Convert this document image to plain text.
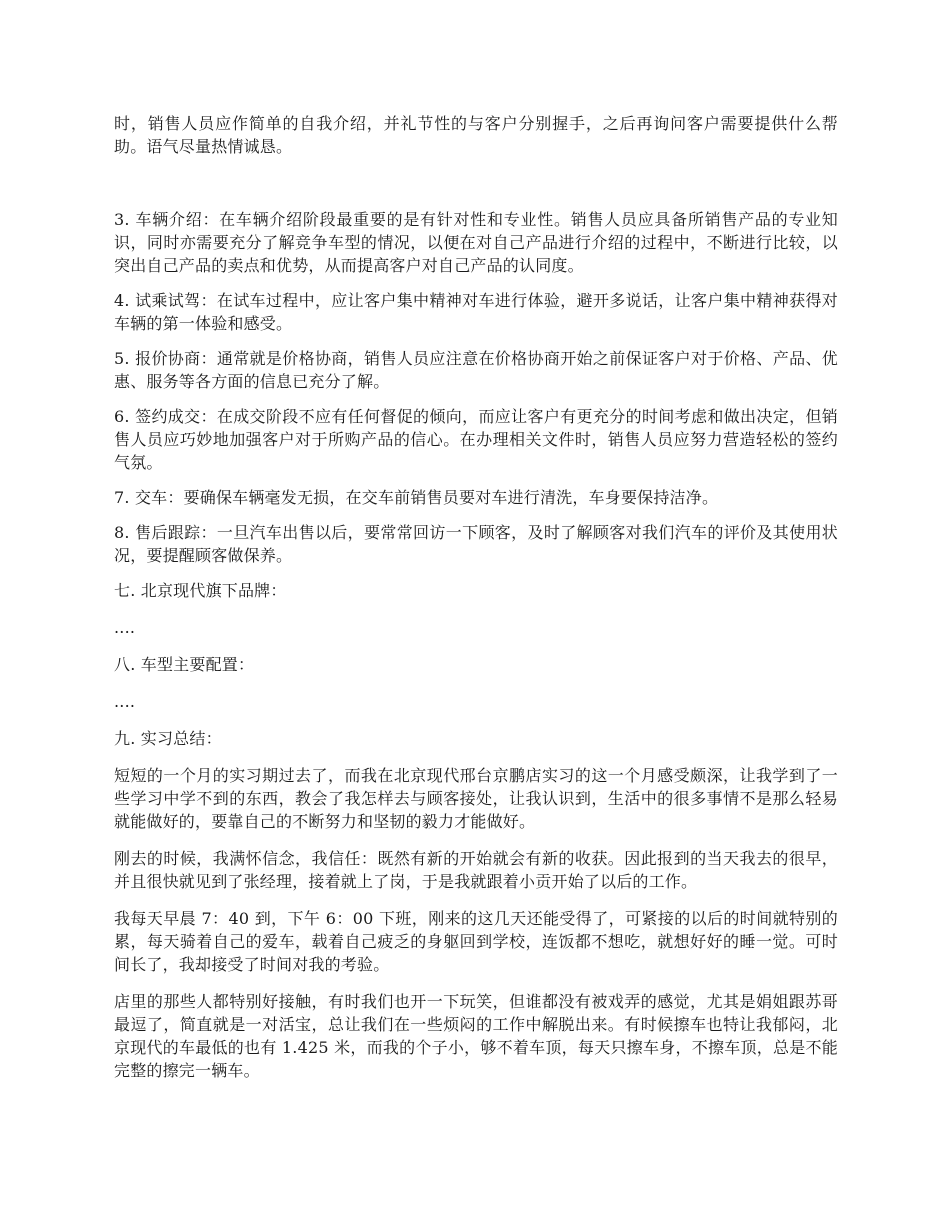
时，销售人员应作简单的自我介绍，并礼节性的与客户分别握手，之后再询问客户需要提供什么帮助。语气尽量热情诚恳。

3. 车辆介绍：在车辆介绍阶段最重要的是有针对性和专业性。销售人员应具备所销售产品的专业知识，同时亦需要充分了解竞争车型的情况，以便在对自己产品进行介绍的过程中，不断进行比较，以突出自己产品的卖点和优势，从而提高客户对自己产品的认同度。

4. 试乘试驾：在试车过程中，应让客户集中精神对车进行体验，避开多说话，让客户集中精神获得对车辆的第一体验和感受。

5. 报价协商：通常就是价格协商，销售人员应注意在价格协商开始之前保证客户对于价格、产品、优惠、服务等各方面的信息已充分了解。

6. 签约成交：在成交阶段不应有任何督促的倾向，而应让客户有更充分的时间考虑和做出决定，但销售人员应巧妙地加强客户对于所购产品的信心。在办理相关文件时，销售人员应努力营造轻松的签约气氛。

7. 交车：要确保车辆毫发无损，在交车前销售员要对车进行清洗，车身要保持洁净。

8. 售后跟踪：一旦汽车出售以后，要常常回访一下顾客，及时了解顾客对我们汽车的评价及其使用状况，要提醒顾客做保养。

七. 北京现代旗下品牌：

....

八. 车型主要配置：

....

九. 实习总结：

短短的一个月的实习期过去了，而我在北京现代邢台京鹏店实习的这一个月感受颇深，让我学到了一些学习中学不到的东西，教会了我怎样去与顾客接处，让我认识到，生活中的很多事情不是那么轻易就能做好的，要靠自己的不断努力和坚韧的毅力才能做好。

刚去的时候，我满怀信念，我信任：既然有新的开始就会有新的收获。因此报到的当天我去的很早，并且很快就见到了张经理，接着就上了岗，于是我就跟着小贡开始了以后的工作。

我每天早晨 7：40 到，下午 6：00 下班，刚来的这几天还能受得了，可紧接的以后的时间就特别的累，每天骑着自己的爱车，载着自己疲乏的身躯回到学校，连饭都不想吃，就想好好的睡一觉。可时间长了，我却接受了时间对我的考验。

店里的那些人都特别好接触，有时我们也开一下玩笑，但谁都没有被戏弄的感觉，尤其是娟姐跟苏哥最逗了，简直就是一对活宝，总让我们在一些烦闷的工作中解脱出来。有时候擦车也特让我郁闷，北京现代的车最低的也有 1.425 米，而我的个子小，够不着车顶，每天只擦车身，不擦车顶，总是不能完整的擦完一辆车。
